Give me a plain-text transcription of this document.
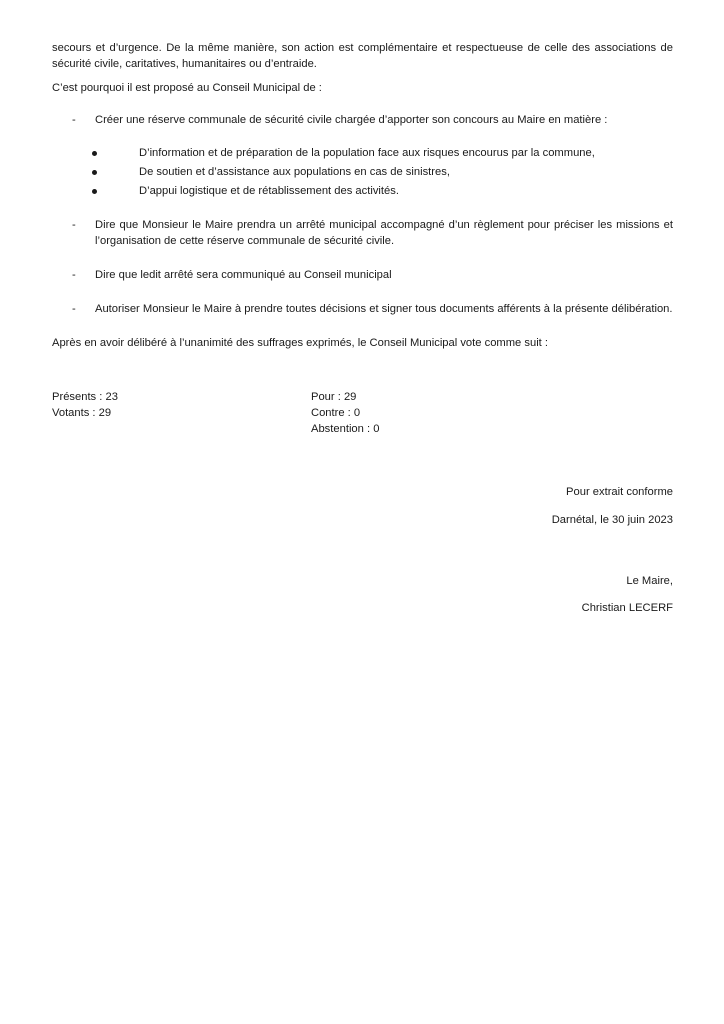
secours et d’urgence. De la même manière, son action est complémentaire et respectueuse de celle des associations de sécurité civile, caritatives, humanitaires ou d’entraide.

C’est pourquoi il est proposé au Conseil Municipal de :

- Créer une réserve communale de sécurité civile chargée d’apporter son concours au Maire en matière :
D’information et de préparation de la population face aux risques encourus par la commune,
De soutien et d’assistance aux populations en cas de sinistres,
D’appui logistique et de rétablissement des activités.
- Dire que Monsieur le Maire prendra un arrêté municipal accompagné d’un règlement pour préciser les missions et l’organisation de cette réserve communale de sécurité civile.
- Dire que ledit arrêté sera communiqué au Conseil municipal
- Autoriser Monsieur le Maire à prendre toutes décisions et signer tous documents afférents à la présente délibération.

Après en avoir délibéré à l’unanimité des suffrages exprimés, le Conseil Municipal vote comme suit :

Présents : 23
Votants : 29
Pour : 29
Contre : 0
Abstention : 0
Pour extrait conforme
Darnétal, le 30 juin 2023
Le Maire,
Christian LECERF
